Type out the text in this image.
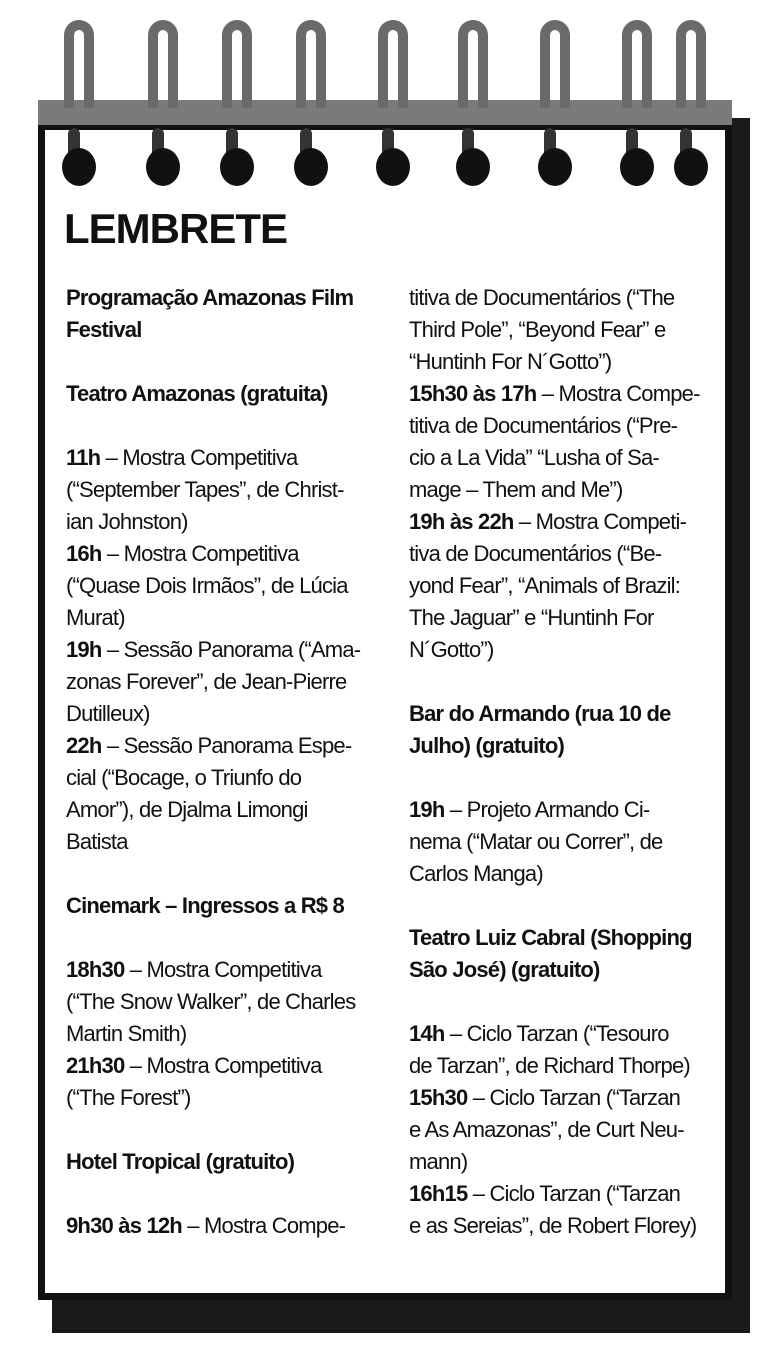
LEMBRETE
Programação Amazonas Film
Festival
Teatro Amazonas (gratuita)
11h – Mostra Competitiva
(“September Tapes”, de Christ-
ian Johnston)
16h – Mostra Competitiva
(“Quase Dois Irmãos”, de Lúcia
Murat)
19h – Sessão Panorama (“Ama-
zonas Forever”, de Jean-Pierre
Dutilleux)
22h – Sessão Panorama Espe-
cial (“Bocage, o Triunfo do
Amor”), de Djalma Limongi
Batista
Cinemark – Ingressos a R$ 8
18h30 – Mostra Competitiva
(“The Snow Walker”, de Charles
Martin Smith)
21h30 – Mostra Competitiva
(“The Forest”)
Hotel Tropical (gratuito)
9h30 às 12h – Mostra Compe-
titiva de Documentários (“The
Third Pole”, “Beyond Fear” e
“Huntinh For N´Gotto”)
15h30 às 17h – Mostra Compe-
titiva de Documentários (“Pre-
cio a La Vida” “Lusha of Sa-
mage – Them and Me”)
19h às 22h – Mostra Competi-
tiva de Documentários (“Be-
yond Fear”, “Animals of Brazil:
The Jaguar” e “Huntinh For
N´Gotto”)
Bar do Armando (rua 10 de
Julho) (gratuito)
19h – Projeto Armando Ci-
nema (“Matar ou Correr”, de
Carlos Manga)
Teatro Luiz Cabral (Shopping
São José) (gratuito)
14h – Ciclo Tarzan (“Tesouro
de Tarzan”, de Richard Thorpe)
15h30 – Ciclo Tarzan (“Tarzan
e As Amazonas”, de Curt Neu-
mann)
16h15 – Ciclo Tarzan (“Tarzan
e as Sereias”, de Robert Florey)
